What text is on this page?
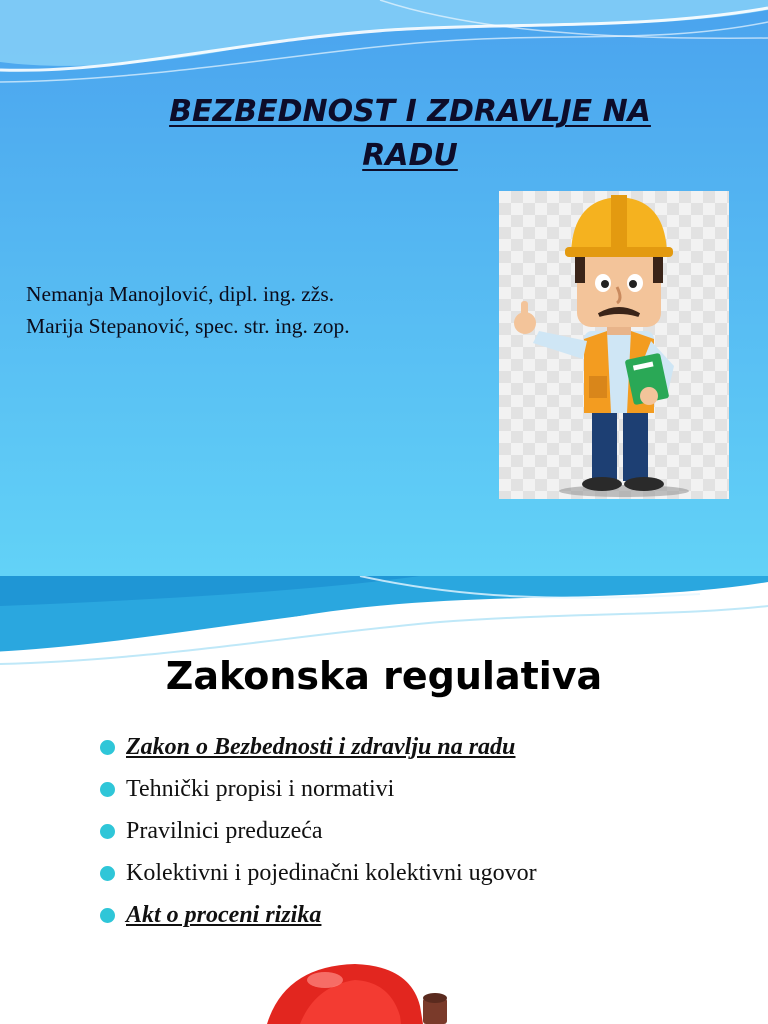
BEZBEDNOST I ZDRAVLJE NA
RADU
Nemanja Manojlović, dipl. ing. zžs.
Marija Stepanović, spec. str. ing. zop.
Zakonska regulativa
Zakon o Bezbednosti i zdravlju na radu
Tehnički propisi i normativi
Pravilnici preduzeća
Kolektivni i pojedinačni kolektivni ugovor
Akt o proceni rizika
